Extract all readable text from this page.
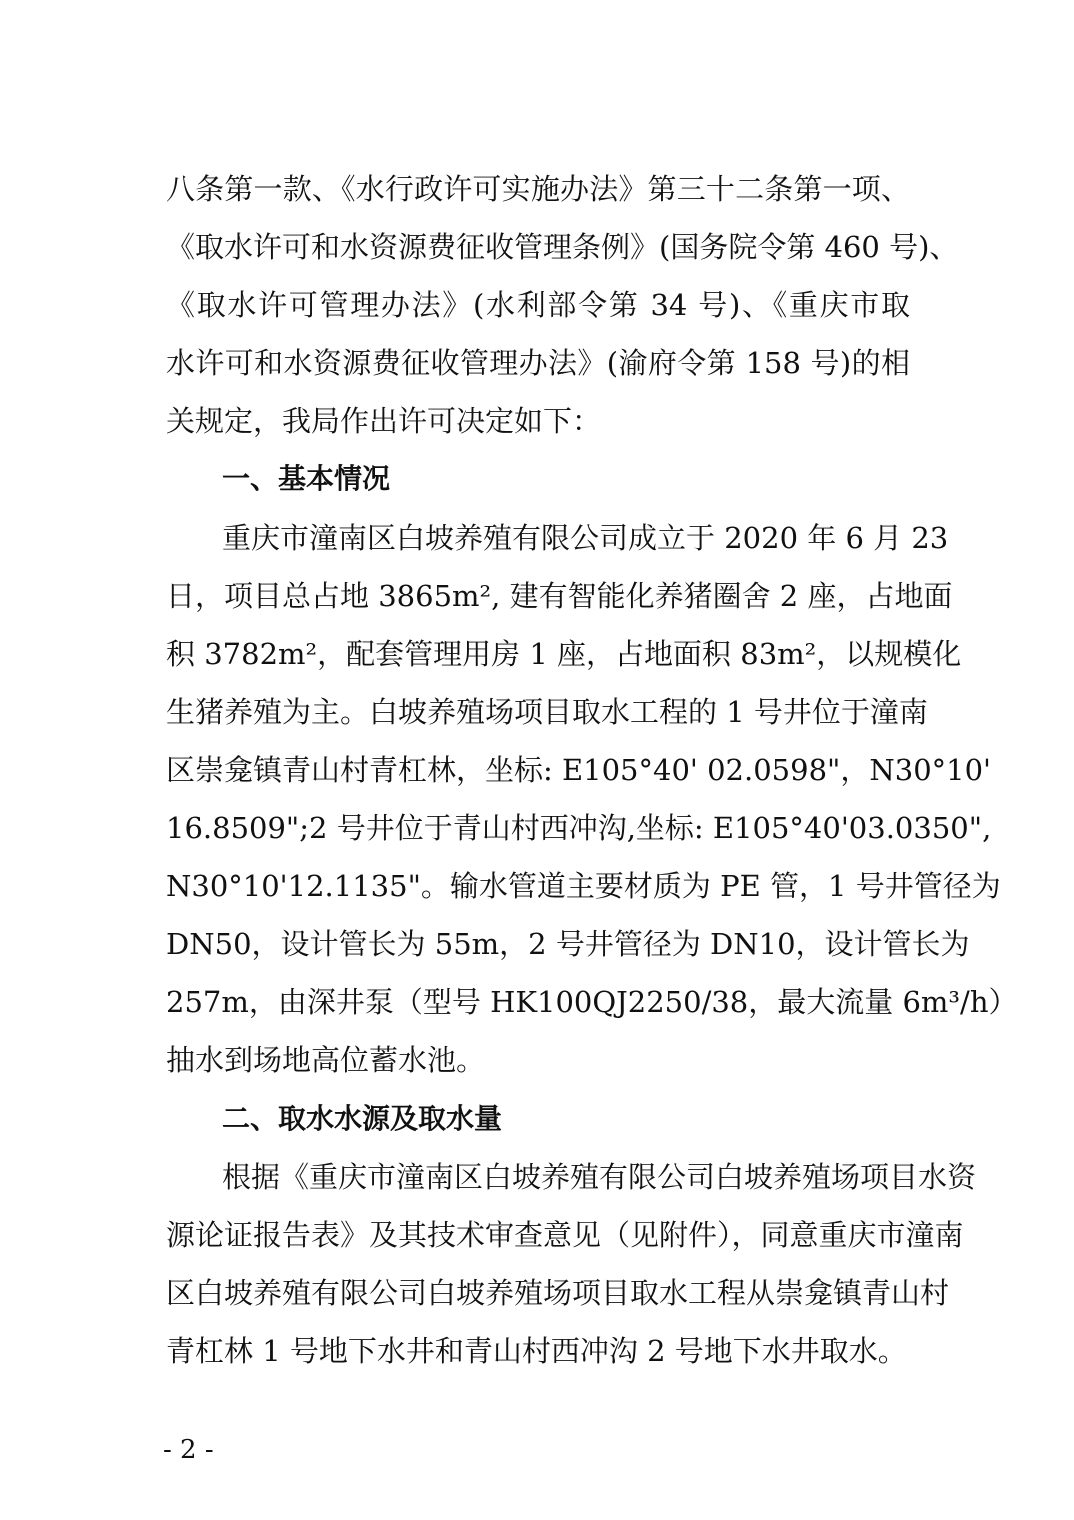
八条第一款、《水行政许可实施办法》第三十二条第一项、
《取水许可和水资源费征收管理条例》(国务院令第 460 号)、
《取水许可管理办法》(水利部令第 34 号)、《重庆市取
水许可和水资源费征收管理办法》(渝府令第 158 号)的相
关规定，我局作出许可决定如下：
一、基本情况
重庆市潼南区白坡养殖有限公司成立于 2020 年 6 月 23
日，项目总占地 3865m², 建有智能化养猪圈舍 2 座，占地面
积 3782m²，配套管理用房 1 座，占地面积 83m²，以规模化
生猪养殖为主。白坡养殖场项目取水工程的 1 号井位于潼南
区崇龛镇青山村青杠林，坐标: E105°40' 02.0598"，N30°10'
16.8509";2 号井位于青山村西冲沟,坐标: E105°40'03.0350",
N30°10'12.1135"。输水管道主要材质为 PE 管，1 号井管径为
DN50，设计管长为 55m，2 号井管径为 DN10，设计管长为
257m，由深井泵（型号 HK100QJ2250/38，最大流量 6m³/h）
抽水到场地高位蓄水池。
二、取水水源及取水量
根据《重庆市潼南区白坡养殖有限公司白坡养殖场项目水资
源论证报告表》及其技术审查意见（见附件），同意重庆市潼南
区白坡养殖有限公司白坡养殖场项目取水工程从崇龛镇青山村
青杠林 1 号地下水井和青山村西冲沟 2 号地下水井取水。
- 2 -
